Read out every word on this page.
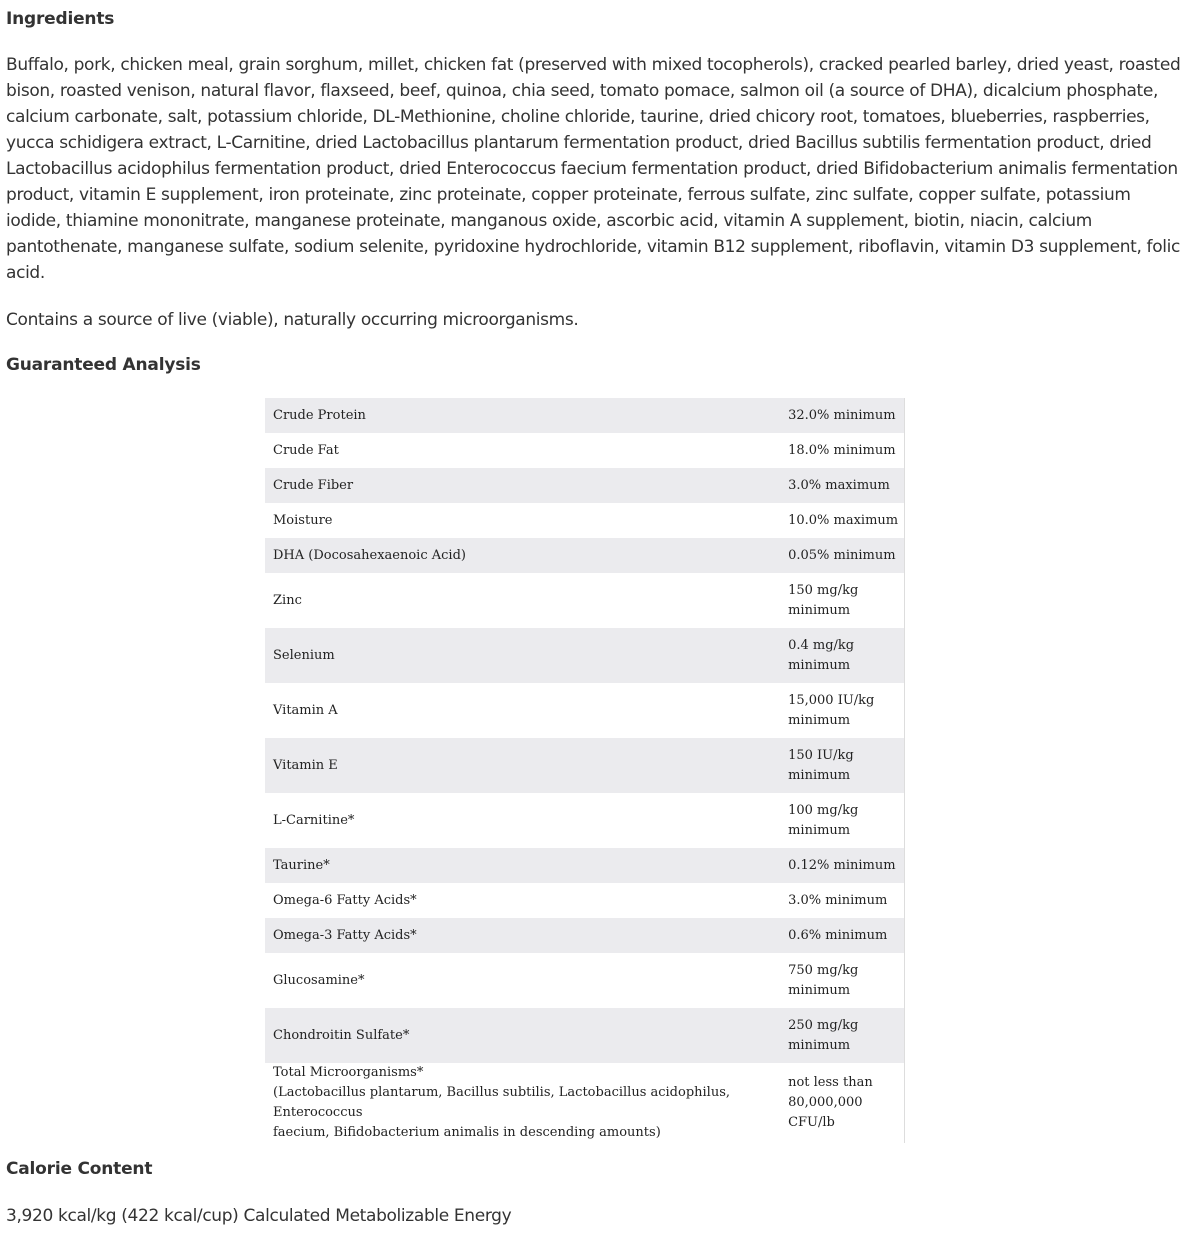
Ingredients

Buffalo, pork, chicken meal, grain sorghum, millet, chicken fat (preserved with mixed tocopherols), cracked pearled barley, dried yeast, roasted bison, roasted venison, natural flavor, flaxseed, beef, quinoa, chia seed, tomato pomace, salmon oil (a source of DHA), dicalcium phosphate, calcium carbonate, salt, potassium chloride, DL-Methionine, choline chloride, taurine, dried chicory root, tomatoes, blueberries, raspberries, yucca schidigera extract, L-Carnitine, dried Lactobacillus plantarum fermentation product, dried Bacillus subtilis fermentation product, dried Lactobacillus acidophilus fermentation product, dried Enterococcus faecium fermentation product, dried Bifidobacterium animalis fermentation product, vitamin E supplement, iron proteinate, zinc proteinate, copper proteinate, ferrous sulfate, zinc sulfate, copper sulfate, potassium iodide, thiamine mononitrate, manganese proteinate, manganous oxide, ascorbic acid, vitamin A supplement, biotin, niacin, calcium pantothenate, manganese sulfate, sodium selenite, pyridoxine hydrochloride, vitamin B12 supplement, riboflavin, vitamin D3 supplement, folic acid.

Contains a source of live (viable), naturally occurring microorganisms.

Guaranteed Analysis
Calorie Content

3,920 kcal/kg (422 kcal/cup) Calculated Metabolizable Energy

Crude Protein	32.0% minimum

Crude Fat	18.0% minimum

Crude Fiber	3.0% maximum

Moisture	10.0% maximum

DHA (Docosahexaenoic Acid)	0.05% minimum

Zinc	150 mg/kg
minimum

Selenium	0.4 mg/kg
minimum

Vitamin A	15,000 IU/kg
minimum

Vitamin E	150 IU/kg
minimum

L-Carnitine*	100 mg/kg
minimum

Taurine*	0.12% minimum

Omega-6 Fatty Acids*	3.0% minimum

Omega-3 Fatty Acids*	0.6% minimum

Glucosamine*	750 mg/kg
minimum

Chondroitin Sulfate*	250 mg/kg
minimum

Total Microorganisms*
(Lactobacillus plantarum, Bacillus subtilis, Lactobacillus acidophilus, Enterococcus
faecium, Bifidobacterium animalis in descending amounts)	not less than
80,000,000
CFU/lb
